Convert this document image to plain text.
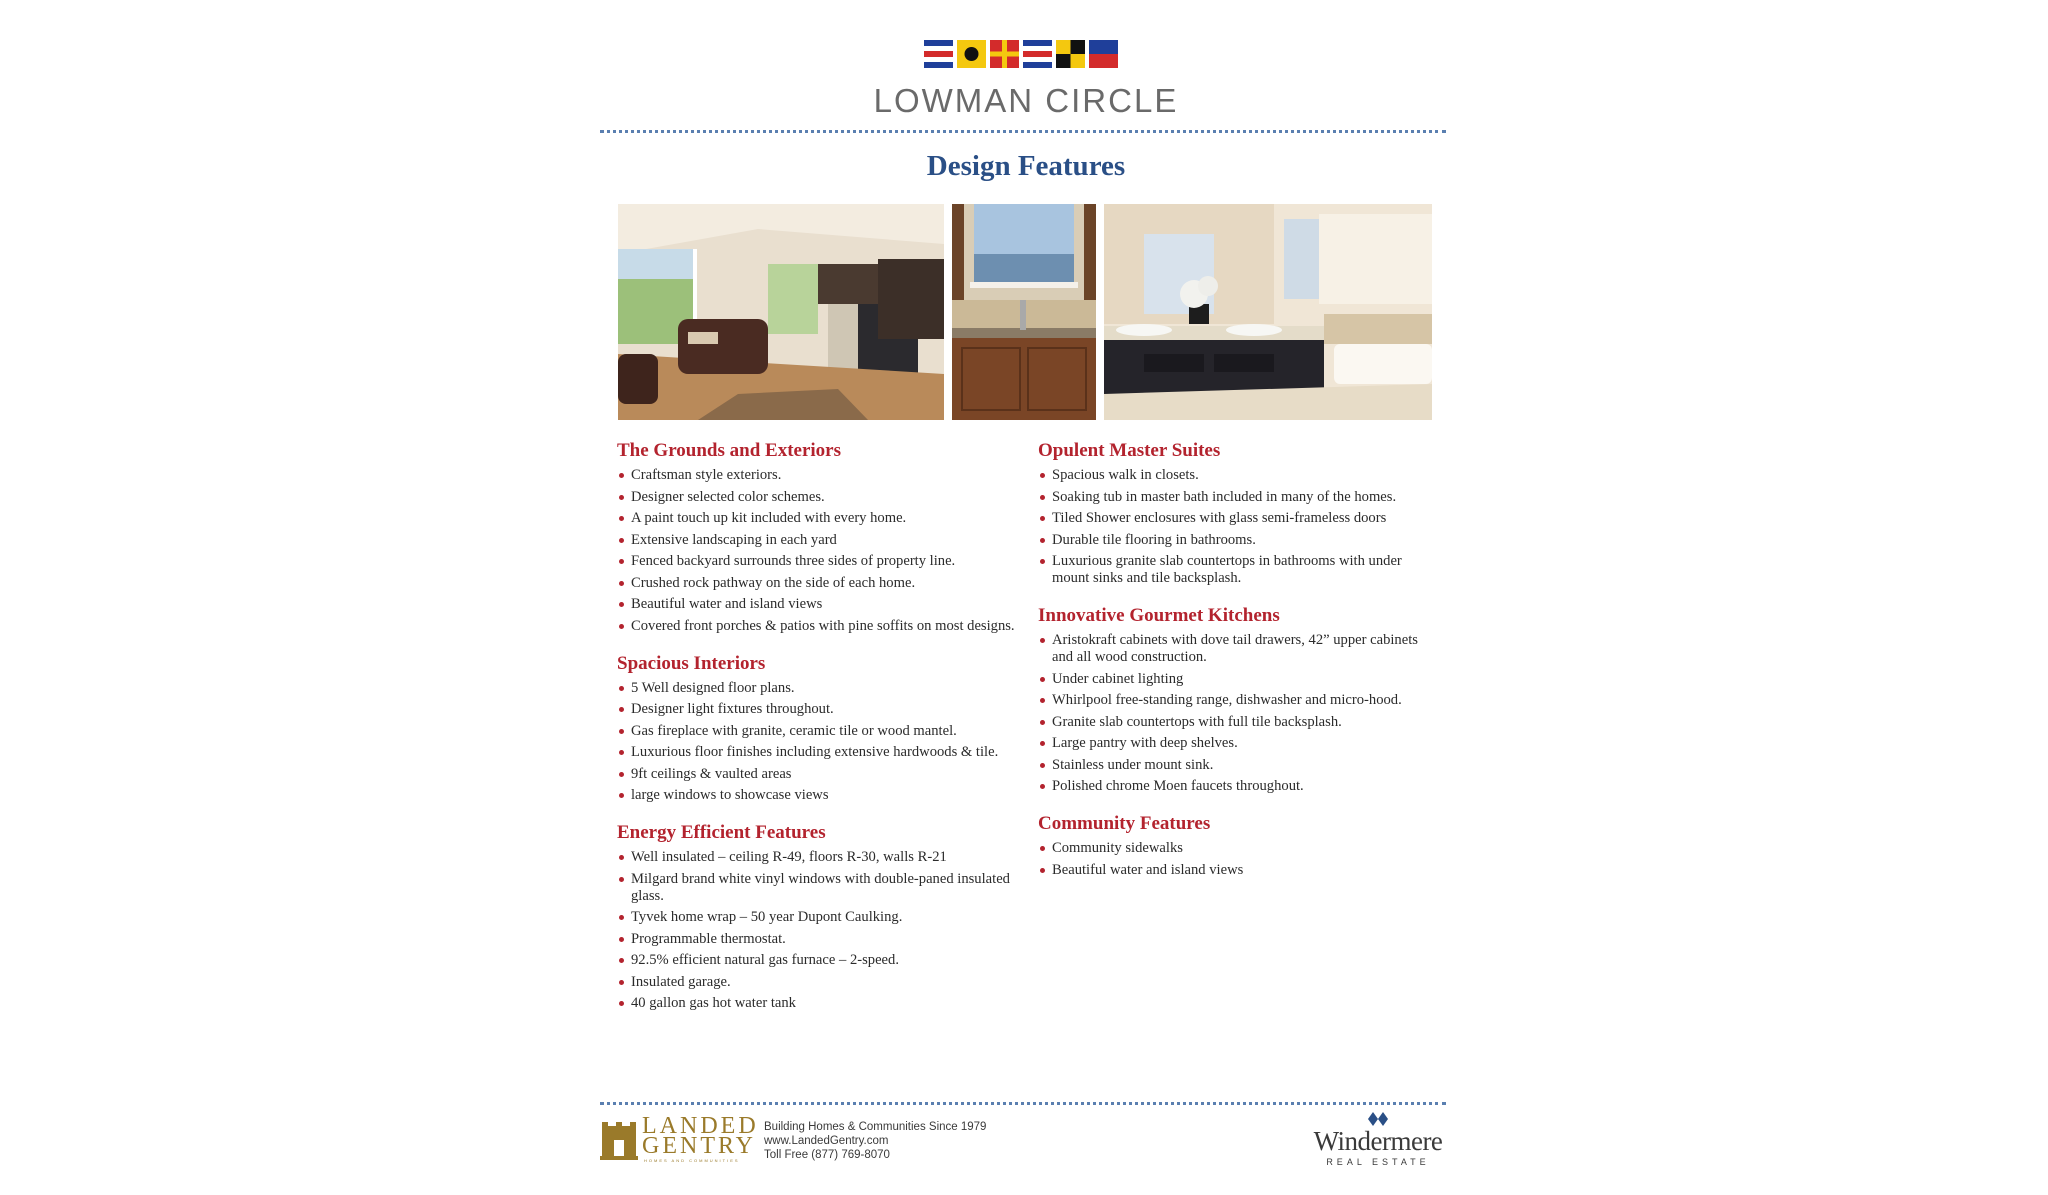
LOWMAN CIRCLE
Design Features
The Grounds and Exteriors
Craftsman style exteriors.
Designer selected color schemes.
A paint touch up kit included with every home.
Extensive landscaping in each yard
Fenced backyard surrounds three sides of property line.
Crushed rock pathway on the side of each home.
Beautiful water and island views
Covered front porches & patios with pine soffits on most designs.
Spacious Interiors
5 Well designed floor plans.
Designer light fixtures throughout.
Gas fireplace with granite, ceramic tile or wood mantel.
Luxurious floor finishes including extensive hardwoods & tile.
9ft ceilings & vaulted areas
large windows to showcase views
Energy Efficient Features
Well insulated – ceiling R-49, floors R-30, walls R-21
Milgard brand white vinyl windows with double-paned insulated glass.
Tyvek home wrap – 50 year Dupont Caulking.
Programmable thermostat.
92.5% efficient natural gas furnace – 2-speed.
Insulated garage.
40 gallon gas hot water tank
Opulent Master Suites
Spacious walk in closets.
Soaking tub in master bath included in many of the homes.
Tiled Shower enclosures with glass semi-frameless doors
Durable tile flooring in bathrooms.
Luxurious granite slab countertops in bathrooms with under mount sinks and tile backsplash.
Innovative Gourmet Kitchens
Aristokraft cabinets with dove tail drawers, 42” upper cabinets and all wood construction.
Under cabinet lighting
Whirlpool free-standing range, dishwasher and micro-hood.
Granite slab countertops with full tile backsplash.
Large pantry with deep shelves.
Stainless under mount sink.
Polished chrome Moen faucets throughout.
Community Features
Community sidewalks
Beautiful water and island views
LANDED
GENTRY
HOMES AND COMMUNITIES
Building Homes & Communities Since 1979
www.LandedGentry.com
Toll Free (877) 769-8070	Windermere
REAL ESTATE
